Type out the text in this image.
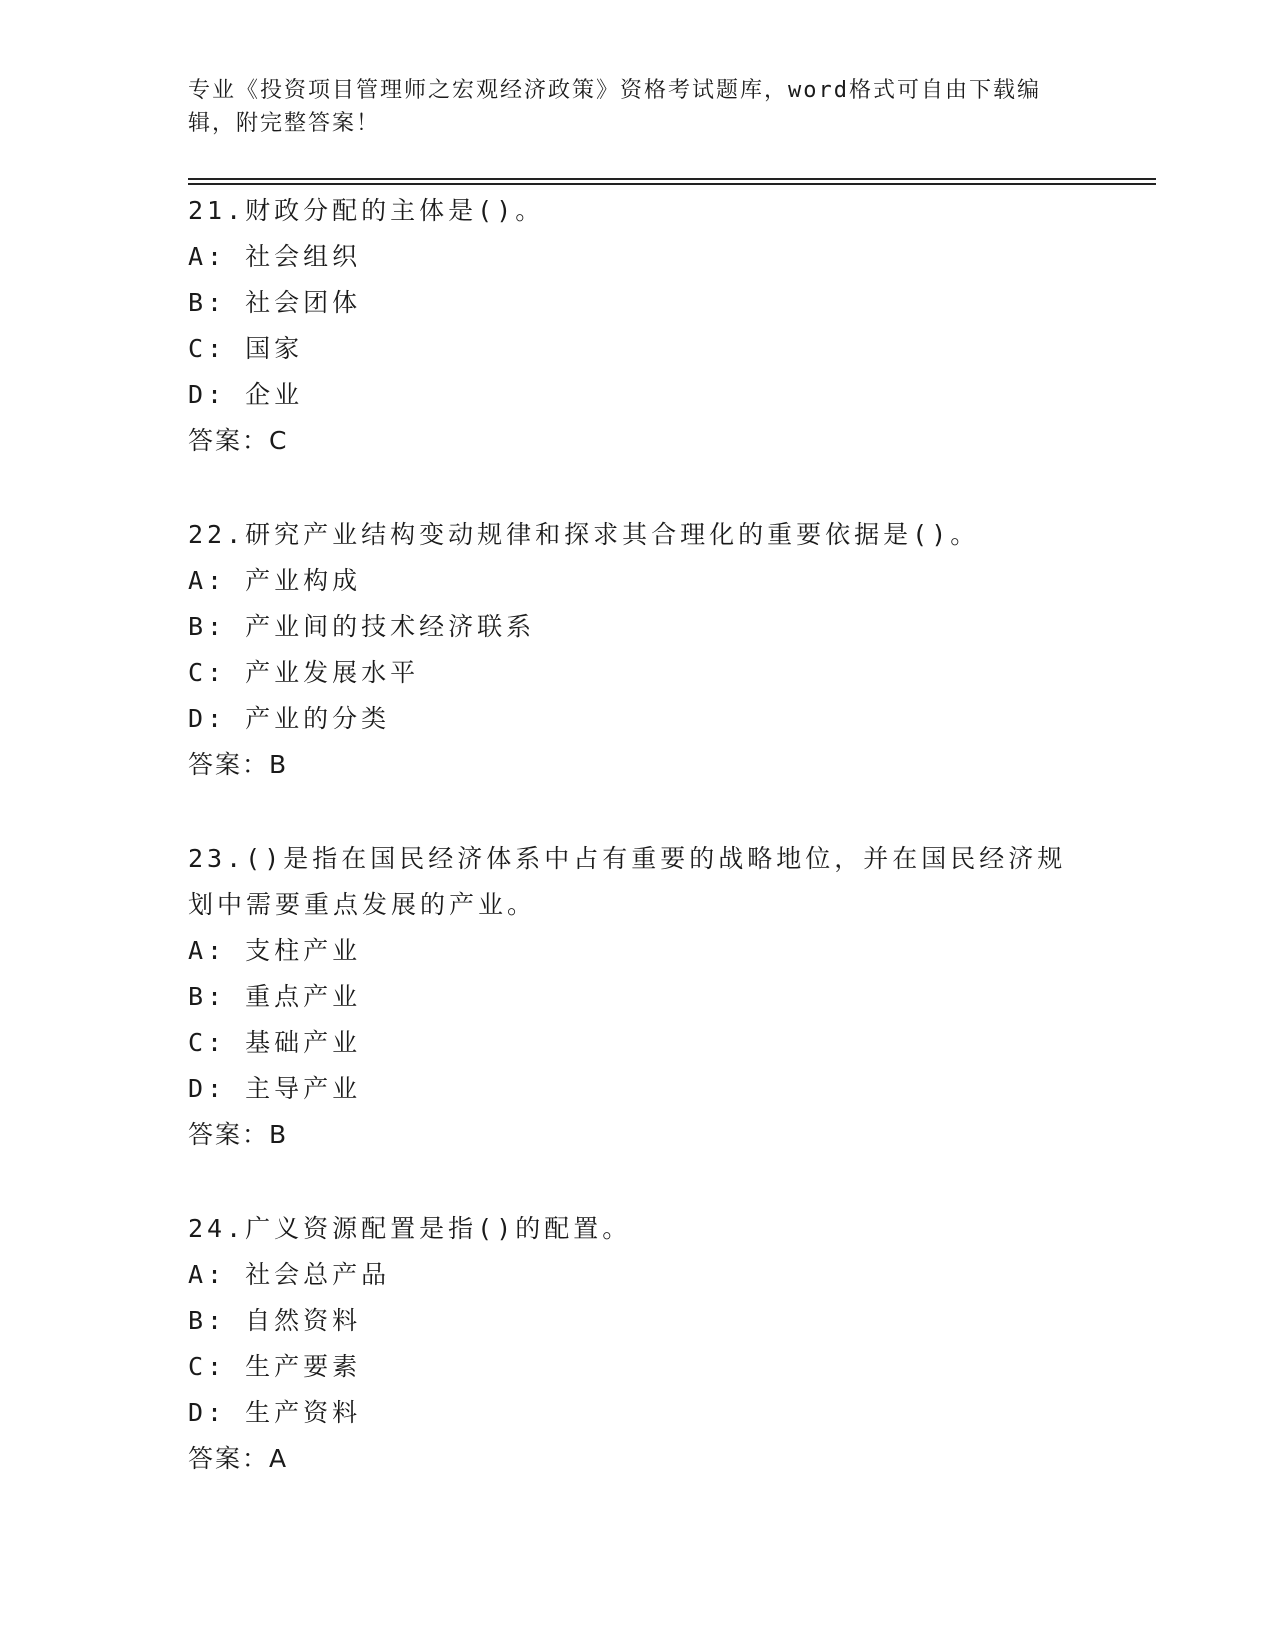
专业《投资项目管理师之宏观经济政策》资格考试题库，word格式可自由下载编辑，附完整答案！
21.财政分配的主体是()。
A: 社会组织
B: 社会团体
C: 国家
D: 企业
答案：C
22.研究产业结构变动规律和探求其合理化的重要依据是()。
A: 产业构成
B: 产业间的技术经济联系
C: 产业发展水平
D: 产业的分类
答案：B
23.()是指在国民经济体系中占有重要的战略地位，并在国民经济规划中需要重点发展的产业。
A: 支柱产业
B: 重点产业
C: 基础产业
D: 主导产业
答案：B
24.广义资源配置是指()的配置。
A: 社会总产品
B: 自然资料
C: 生产要素
D: 生产资料
答案：A
